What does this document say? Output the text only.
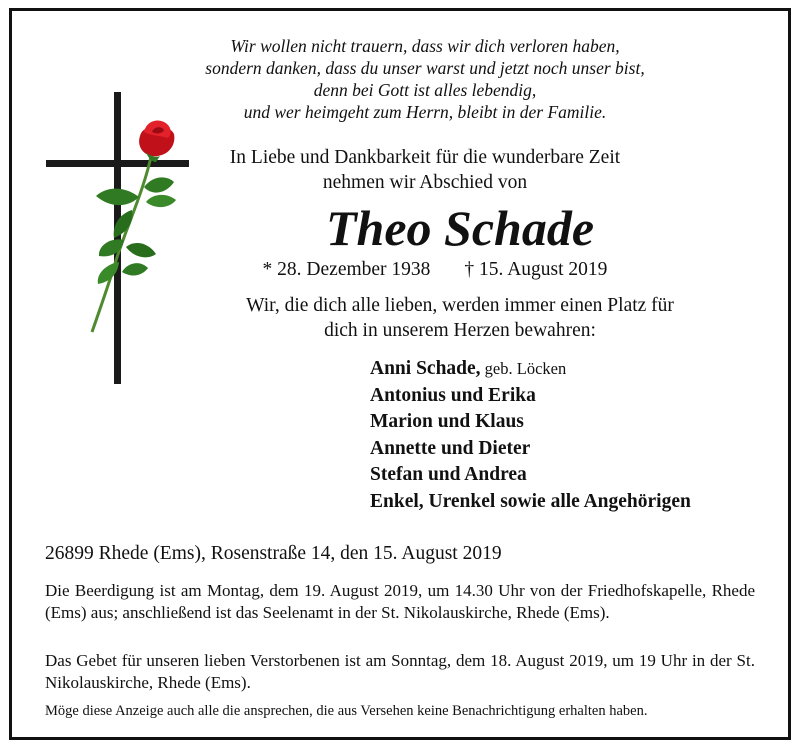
Wir wollen nicht trauern, dass wir dich verloren haben,
sondern danken, dass du unser warst und jetzt noch unser bist,
denn bei Gott ist alles lebendig,
und wer heimgeht zum Herrn, bleibt in der Familie.
In Liebe und Dankbarkeit für die wunderbare Zeit
nehmen wir Abschied von
Theo Schade
* 28. Dezember 1938 † 15. August 2019
Wir, die dich alle lieben, werden immer einen Platz für
dich in unserem Herzen bewahren:
Anni Schade, geb. Löcken
Antonius und Erika
Marion und Klaus
Annette und Dieter
Stefan und Andrea
Enkel, Urenkel sowie alle Angehörigen
26899 Rhede (Ems), Rosenstraße 14, den 15. August 2019
Die Beerdigung ist am Montag, dem 19. August 2019, um 14.30 Uhr von der Friedhofskapelle, Rhede (Ems) aus; anschließend ist das Seelenamt in der St. Nikolauskirche, Rhede (Ems).
Das Gebet für unseren lieben Verstorbenen ist am Sonntag, dem 18. August 2019, um 19 Uhr in der St. Nikolauskirche, Rhede (Ems).
Möge diese Anzeige auch alle die ansprechen, die aus Versehen keine Benachrichtigung erhalten haben.
